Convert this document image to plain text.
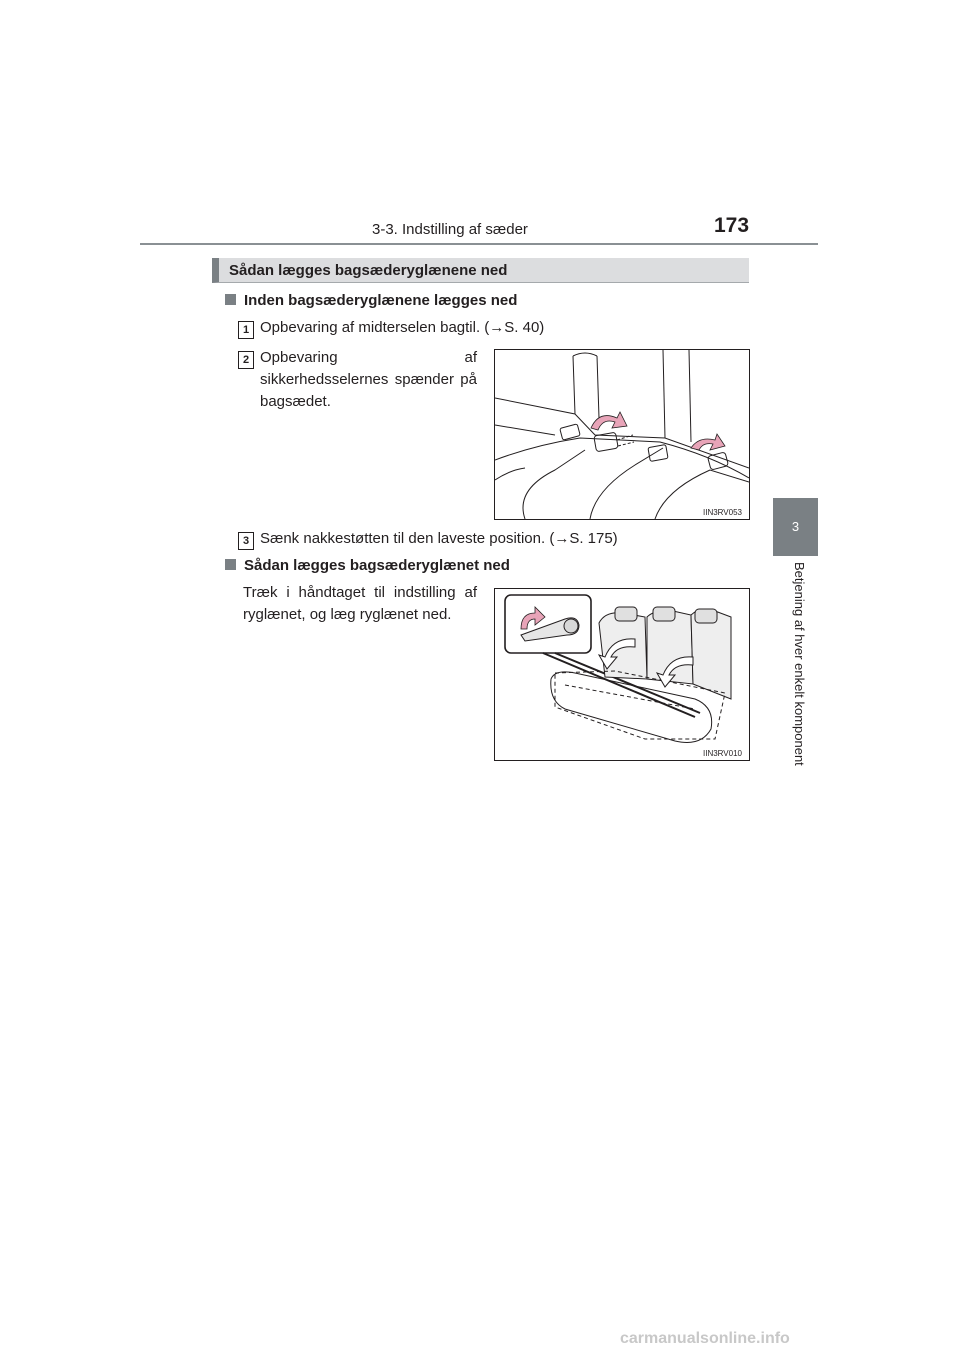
3-3. Indstilling af sæder	173
3
Betjening af hver enkelt komponent
Sådan lægges bagsæderyglænene ned
Inden bagsæderyglænene lægges ned
1 Opbevaring af midterselen bagtil. (→S. 40)
2 Opbevaring af sikkerhedsselernes spænder på bagsædet.
IIN3RV053
3 Sænk nakkestøtten til den laveste position. (→S. 175)
Sådan lægges bagsæderyglænet ned
Træk i håndtaget til indstilling af ryglænet, og læg ryglænet ned.
IIN3RV010
carmanualsonline.info
